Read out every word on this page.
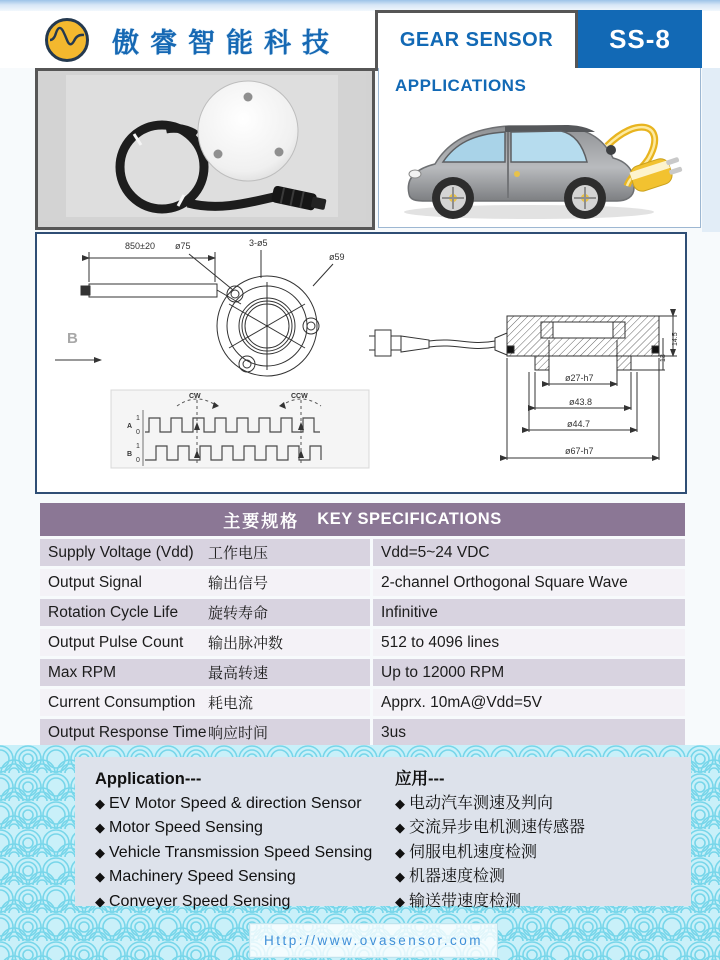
傲睿智能科技	GEAR SENSOR SS-8
APPLICATIONS
850±20 ø75	3-ø5
ø59
B
CW	CCW
A
1
0
B
1
0
ø27-h7
ø43.8
ø44.7
ø67-h7
14.5
13
主要规格 KEY SPECIFICATIONS
Supply Voltage (Vdd) 工作电压	Vdd=5~24 VDC
Output Signal	输出信号	2-channel Orthogonal Square Wave
Rotation Cycle Life	旋转寿命	Infinitive
Output Pulse Count	输出脉冲数	512 to 4096 lines
Max RPM	最高转速	Up to 12000 RPM
Current Consumption 耗电流	Apprx. 10mA@Vdd=5V
Output Response Time 响应时间	3us
Application---
◆ EV Motor Speed & direction Sensor
◆ Motor Speed Sensing
◆ Vehicle Transmission Speed Sensing
◆ Machinery Speed Sensing
◆ Conveyer Speed Sensing
应用---
◆ 电动汽车测速及判向
◆ 交流异步电机测速传感器
◆ 伺服电机速度检测
◆ 机器速度检测
◆ 输送带速度检测
Http://www.ovasensor.com
